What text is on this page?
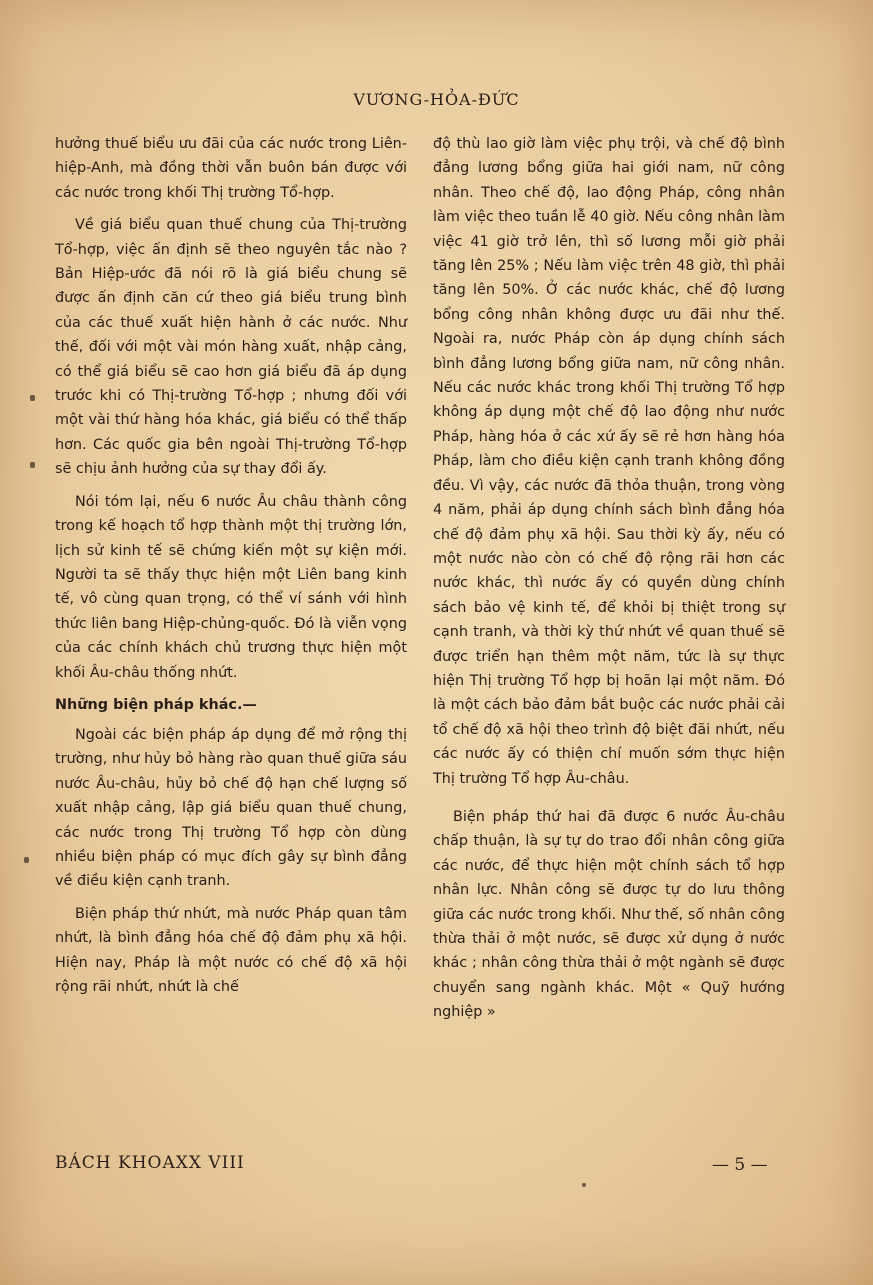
VƯƠNG-HỎA-ĐỨC

hưởng thuế biểu ưu đãi của các nước trong Liên-hiệp-Anh, mà đồng thời vẫn buôn bán được với các nước trong khối Thị trường Tổ-hợp.

Về giá biểu quan thuế chung của Thị-trường Tổ-hợp, việc ấn định sẽ theo nguyên tắc nào ? Bản Hiệp-ước đã nói rõ là giá biểu chung sẽ được ấn định căn cứ theo giá biểu trung bình của các thuế xuất hiện hành ở các nước. Như thế, đối với một vài món hàng xuất, nhập cảng, có thể giá biểu sẽ cao hơn giá biểu đã áp dụng trước khi có Thị-trường Tổ-hợp ; nhưng đối với một vài thứ hàng hóa khác, giá biểu có thể thấp hơn. Các quốc gia bên ngoài Thị-trường Tổ-hợp sẽ chịu ảnh hưởng của sự thay đổi ấy.

Nói tóm lại, nếu 6 nước Âu châu thành công trong kế hoạch tổ hợp thành một thị trường lớn, lịch sử kinh tế sẽ chứng kiến một sự kiện mới. Người ta sẽ thấy thực hiện một Liên bang kinh tế, vô cùng quan trọng, có thể ví sánh với hình thức liên bang Hiệp-chủng-quốc. Đó là viễn vọng của các chính khách chủ trương thực hiện một khối Âu-châu thống nhứt.

Những biện pháp khác.—

Ngoài các biện pháp áp dụng để mở rộng thị trường, như hủy bỏ hàng rào quan thuế giữa sáu nước Âu-châu, hủy bỏ chế độ hạn chế lượng số xuất nhập cảng, lập giá biểu quan thuế chung, các nước trong Thị trường Tổ hợp còn dùng nhiều biện pháp có mục đích gây sự bình đẳng về điều kiện cạnh tranh.

Biện pháp thứ nhứt, mà nước Pháp quan tâm nhứt, là bình đẳng hóa chế độ đảm phụ xã hội. Hiện nay, Pháp là một nước có chế độ xã hội rộng rãi nhứt, nhứt là chế

độ thù lao giờ làm việc phụ trội, và chế độ bình đẳng lương bổng giữa hai giới nam, nữ công nhân. Theo chế độ, lao động Pháp, công nhân làm việc theo tuần lễ 40 giờ. Nếu công nhân làm việc 41 giờ trở lên, thì số lương mỗi giờ phải tăng lên 25% ; Nếu làm việc trên 48 giờ, thì phải tăng lên 50%. Ở các nước khác, chế độ lương bổng công nhân không được ưu đãi như thế. Ngoài ra, nước Pháp còn áp dụng chính sách bình đẳng lương bổng giữa nam, nữ công nhân. Nếu các nước khác trong khối Thị trường Tổ hợp không áp dụng một chế độ lao động như nước Pháp, hàng hóa ở các xứ ấy sẽ rẻ hơn hàng hóa Pháp, làm cho điều kiện cạnh tranh không đồng đều. Vì vậy, các nước đã thỏa thuận, trong vòng 4 năm, phải áp dụng chính sách bình đẳng hóa chế độ đảm phụ xã hội. Sau thời kỳ ấy, nếu có một nước nào còn có chế độ rộng rãi hơn các nước khác, thì nước ấy có quyền dùng chính sách bảo vệ kinh tế, để khỏi bị thiệt trong sự cạnh tranh, và thời kỳ thứ nhứt về quan thuế sẽ được triển hạn thêm một năm, tức là sự thực hiện Thị trường Tổ hợp bị hoãn lại một năm. Đó là một cách bảo đảm bắt buộc các nước phải cải tổ chế độ xã hội theo trình độ biệt đãi nhứt, nếu các nước ấy có thiện chí muốn sớm thực hiện Thị trường Tổ hợp Âu-châu.

Biện pháp thứ hai đã được 6 nước Âu-châu chấp thuận, là sự tự do trao đổi nhân công giữa các nước, để thực hiện một chính sách tổ hợp nhân lực. Nhân công sẽ được tự do lưu thông giữa các nước trong khối. Như thế, số nhân công thừa thải ở một nước, sẽ được xử dụng ở nước khác ; nhân công thừa thải ở một ngành sẽ được chuyển sang ngành khác. Một « Quỹ hướng nghiệp »

BÁCH KHOAXX VIII	— 5 —
